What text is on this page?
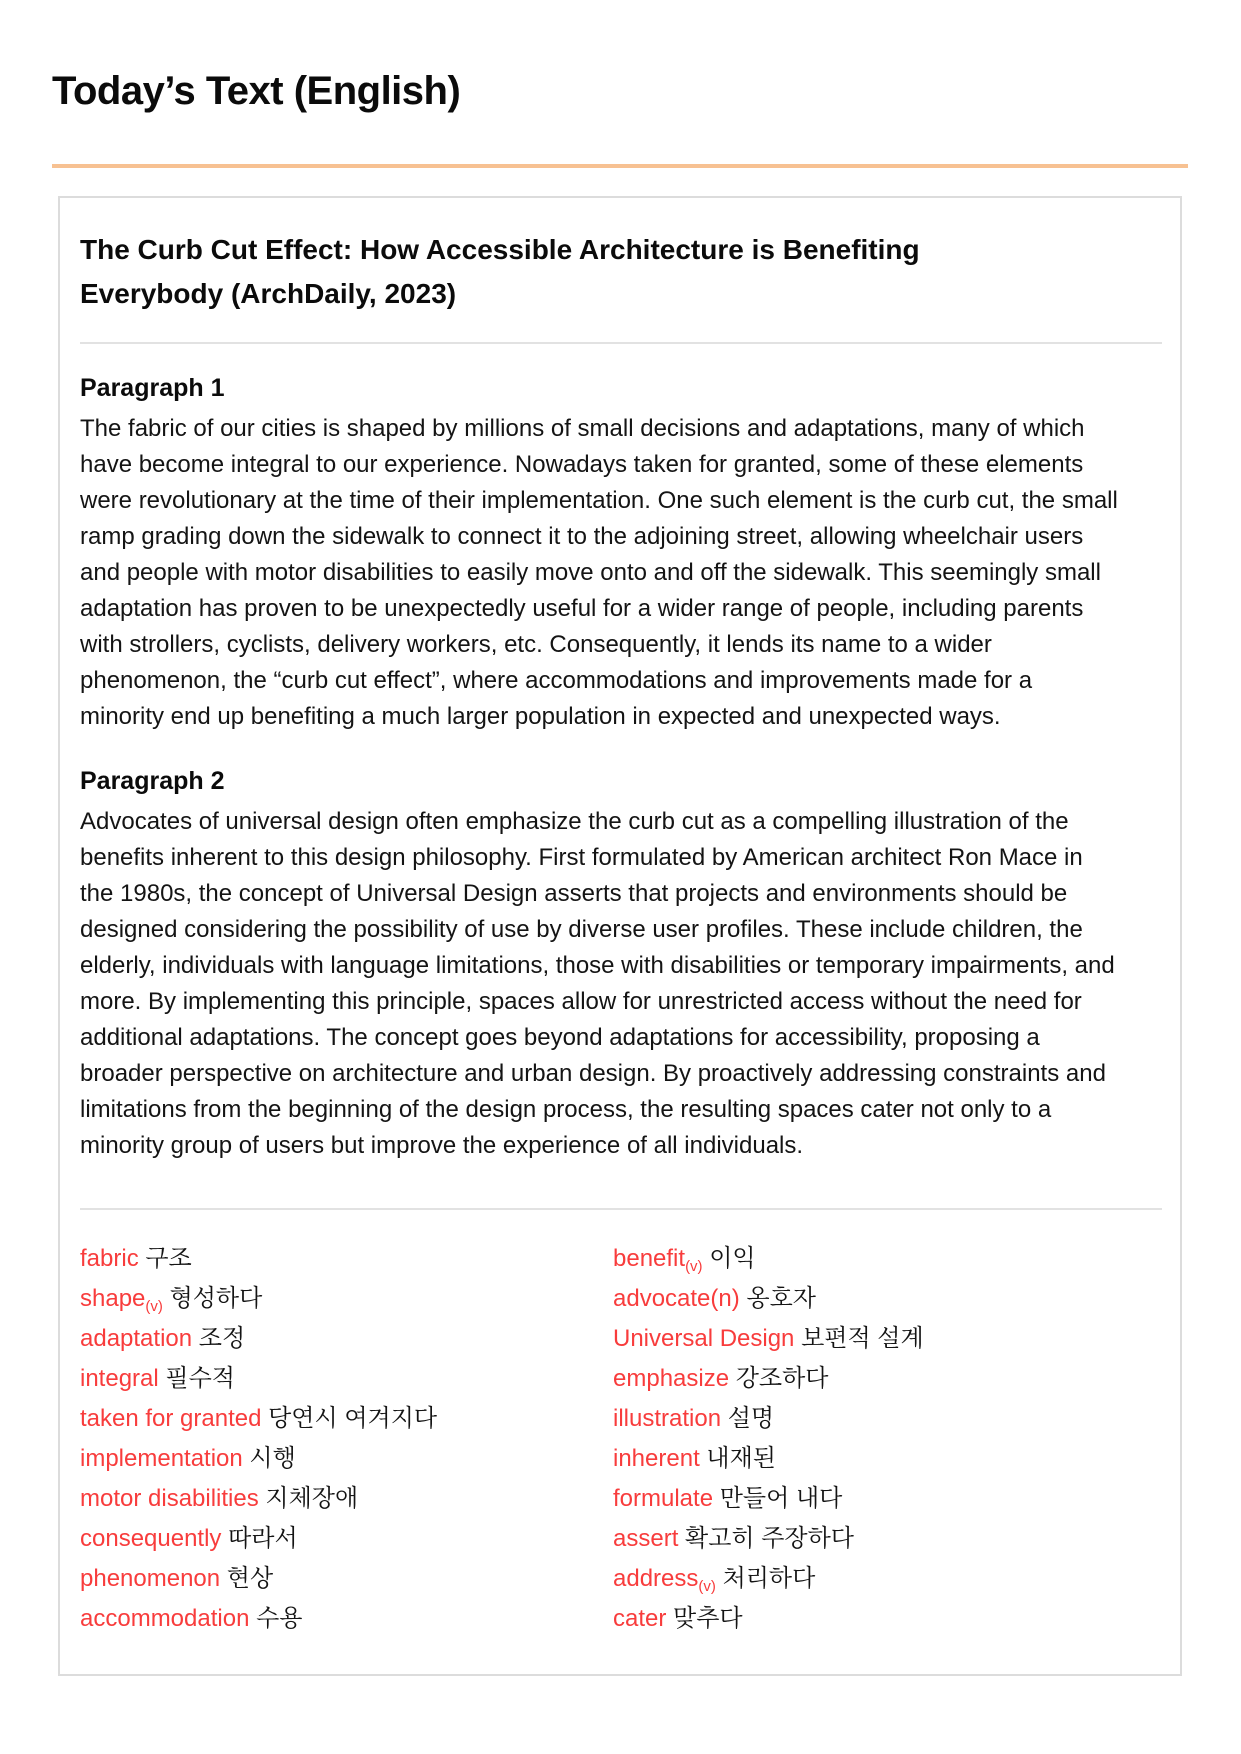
Today’s Text (English)
The Curb Cut Effect: How Accessible Architecture is Benefiting Everybody (ArchDaily, 2023)
Paragraph 1

The fabric of our cities is shaped by millions of small decisions and adaptations, many of which have become integral to our experience. Nowadays taken for granted, some of these elements were revolutionary at the time of their implementation. One such element is the curb cut, the small ramp grading down the sidewalk to connect it to the adjoining street, allowing wheelchair users and people with motor disabilities to easily move onto and off the sidewalk. This seemingly small adaptation has proven to be unexpectedly useful for a wider range of people, including parents with strollers, cyclists, delivery workers, etc. Consequently, it lends its name to a wider phenomenon, the “curb cut effect”, where accommodations and improvements made for a minority end up benefiting a much larger population in expected and unexpected ways.

Paragraph 2

Advocates of universal design often emphasize the curb cut as a compelling illustration of the benefits inherent to this design philosophy. First formulated by American architect Ron Mace in the 1980s, the concept of Universal Design asserts that projects and environments should be designed considering the possibility of use by diverse user profiles. These include children, the elderly, individuals with language limitations, those with disabilities or temporary impairments, and more. By implementing this principle, spaces allow for unrestricted access without the need for additional adaptations. The concept goes beyond adaptations for accessibility, proposing a broader perspective on architecture and urban design. By proactively addressing constraints and limitations from the beginning of the design process, the resulting spaces cater not only to a minority group of users but improve the experience of all individuals.

fabric 구조
shape$_{(v)}$ 형성하다
adaptation 조정
integral 필수적
taken for granted 당연시 여겨지다
implementation 시행
motor disabilities 지체장애
consequently 따라서
phenomenon 현상
accommodation 수용
benefit$_{(v)}$ 이익
advocate(n) 옹호자
Universal Design 보편적 설계
emphasize 강조하다
illustration 설명
inherent 내재된
formulate 만들어 내다
assert 확고히 주장하다
address$_{(v)}$ 처리하다
cater 맞추다
